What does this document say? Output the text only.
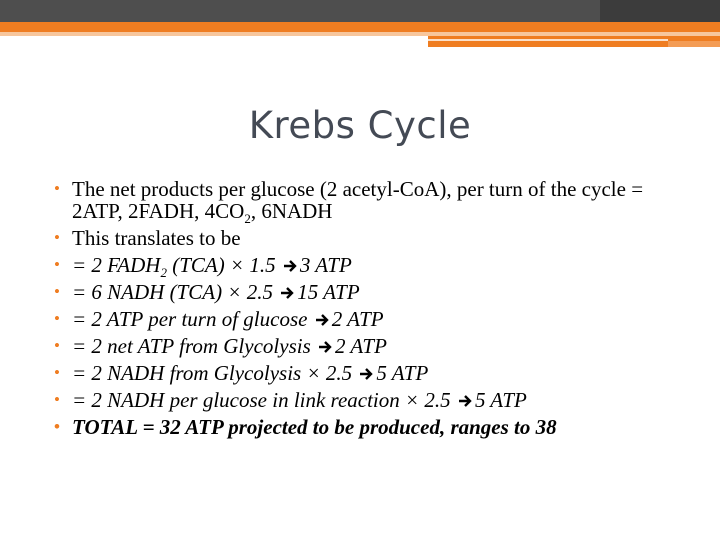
Krebs Cycle
• The net products per glucose (2 acetyl-CoA), per turn of the cycle = 2ATP, 2FADH, $4CO_2$, 6NADH
• This translates to be
• = 2 $FADH_2$ (TCA) × 1.5 3 ATP
• = 6 NADH (TCA) × 2.5 15 ATP
• = 2 ATP per turn of glucose 2 ATP
• = 2 net ATP from Glycolysis 2 ATP
• = 2 NADH from Glycolysis × 2.5 5 ATP
• = 2 NADH per glucose in link reaction × 2.5 5 ATP
• TOTAL = 32 ATP projected to be produced, ranges to 38
